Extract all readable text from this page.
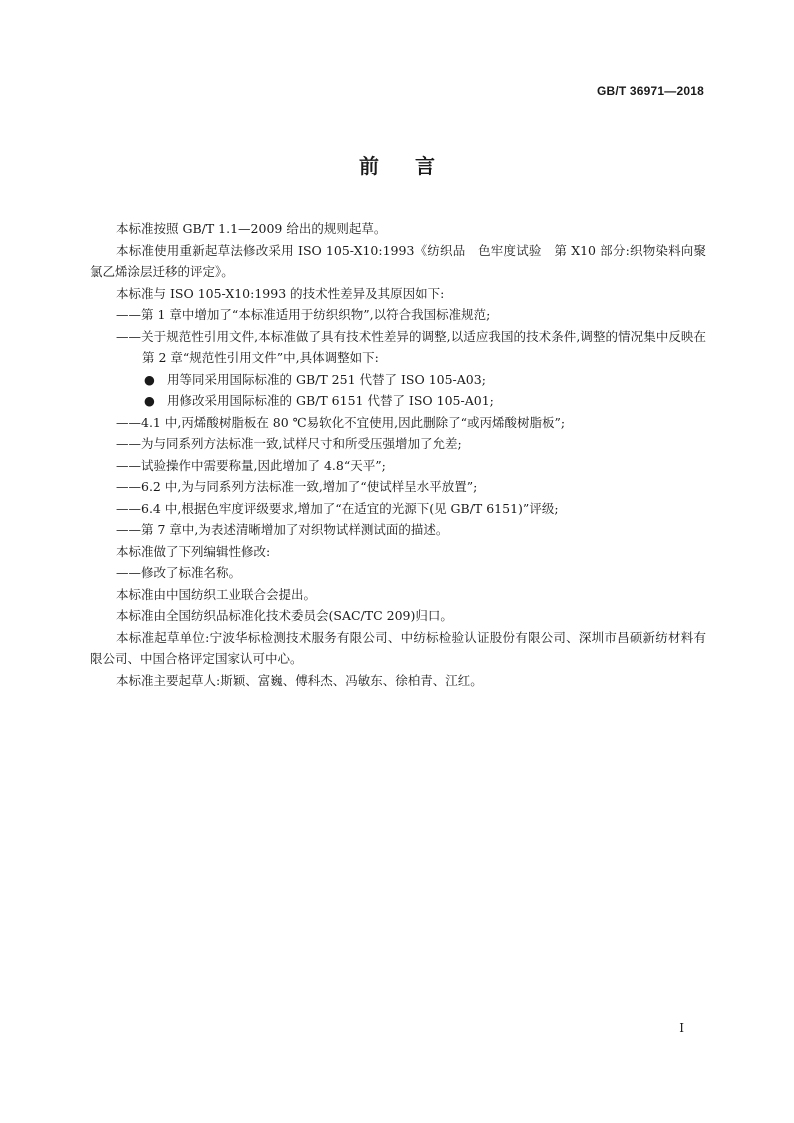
GB/T 36971—2018
前言
本标准按照 GB/T 1.1—2009 给出的规则起草。
本标准使用重新起草法修改采用 ISO 105-X10:1993《纺织品　色牢度试验　第 X10 部分:织物染料向聚氯乙烯涂层迁移的评定》。
本标准与 ISO 105-X10:1993 的技术性差异及其原因如下:
——第 1 章中增加了“本标准适用于纺织织物”,以符合我国标准规范;
——关于规范性引用文件,本标准做了具有技术性差异的调整,以适应我国的技术条件,调整的情况集中反映在第 2 章“规范性引用文件”中,具体调整如下:
● 用等同采用国际标准的 GB/T 251 代替了 ISO 105-A03;
● 用修改采用国际标准的 GB/T 6151 代替了 ISO 105-A01;
——4.1 中,丙烯酸树脂板在 80 ℃易软化不宜使用,因此删除了“或丙烯酸树脂板”;
——为与同系列方法标准一致,试样尺寸和所受压强增加了允差;
——试验操作中需要称量,因此增加了 4.8“天平”;
——6.2 中,为与同系列方法标准一致,增加了“使试样呈水平放置”;
——6.4 中,根据色牢度评级要求,增加了“在适宜的光源下(见 GB/T 6151)”评级;
——第 7 章中,为表述清晰增加了对织物试样测试面的描述。
本标准做了下列编辑性修改:
——修改了标准名称。
本标准由中国纺织工业联合会提出。
本标准由全国纺织品标准化技术委员会(SAC/TC 209)归口。
本标准起草单位:宁波华标检测技术服务有限公司、中纺标检验认证股份有限公司、深圳市昌硕新纺材料有限公司、中国合格评定国家认可中心。
本标准主要起草人:斯颖、富巍、傅科杰、冯敏东、徐柏青、江红。
I
